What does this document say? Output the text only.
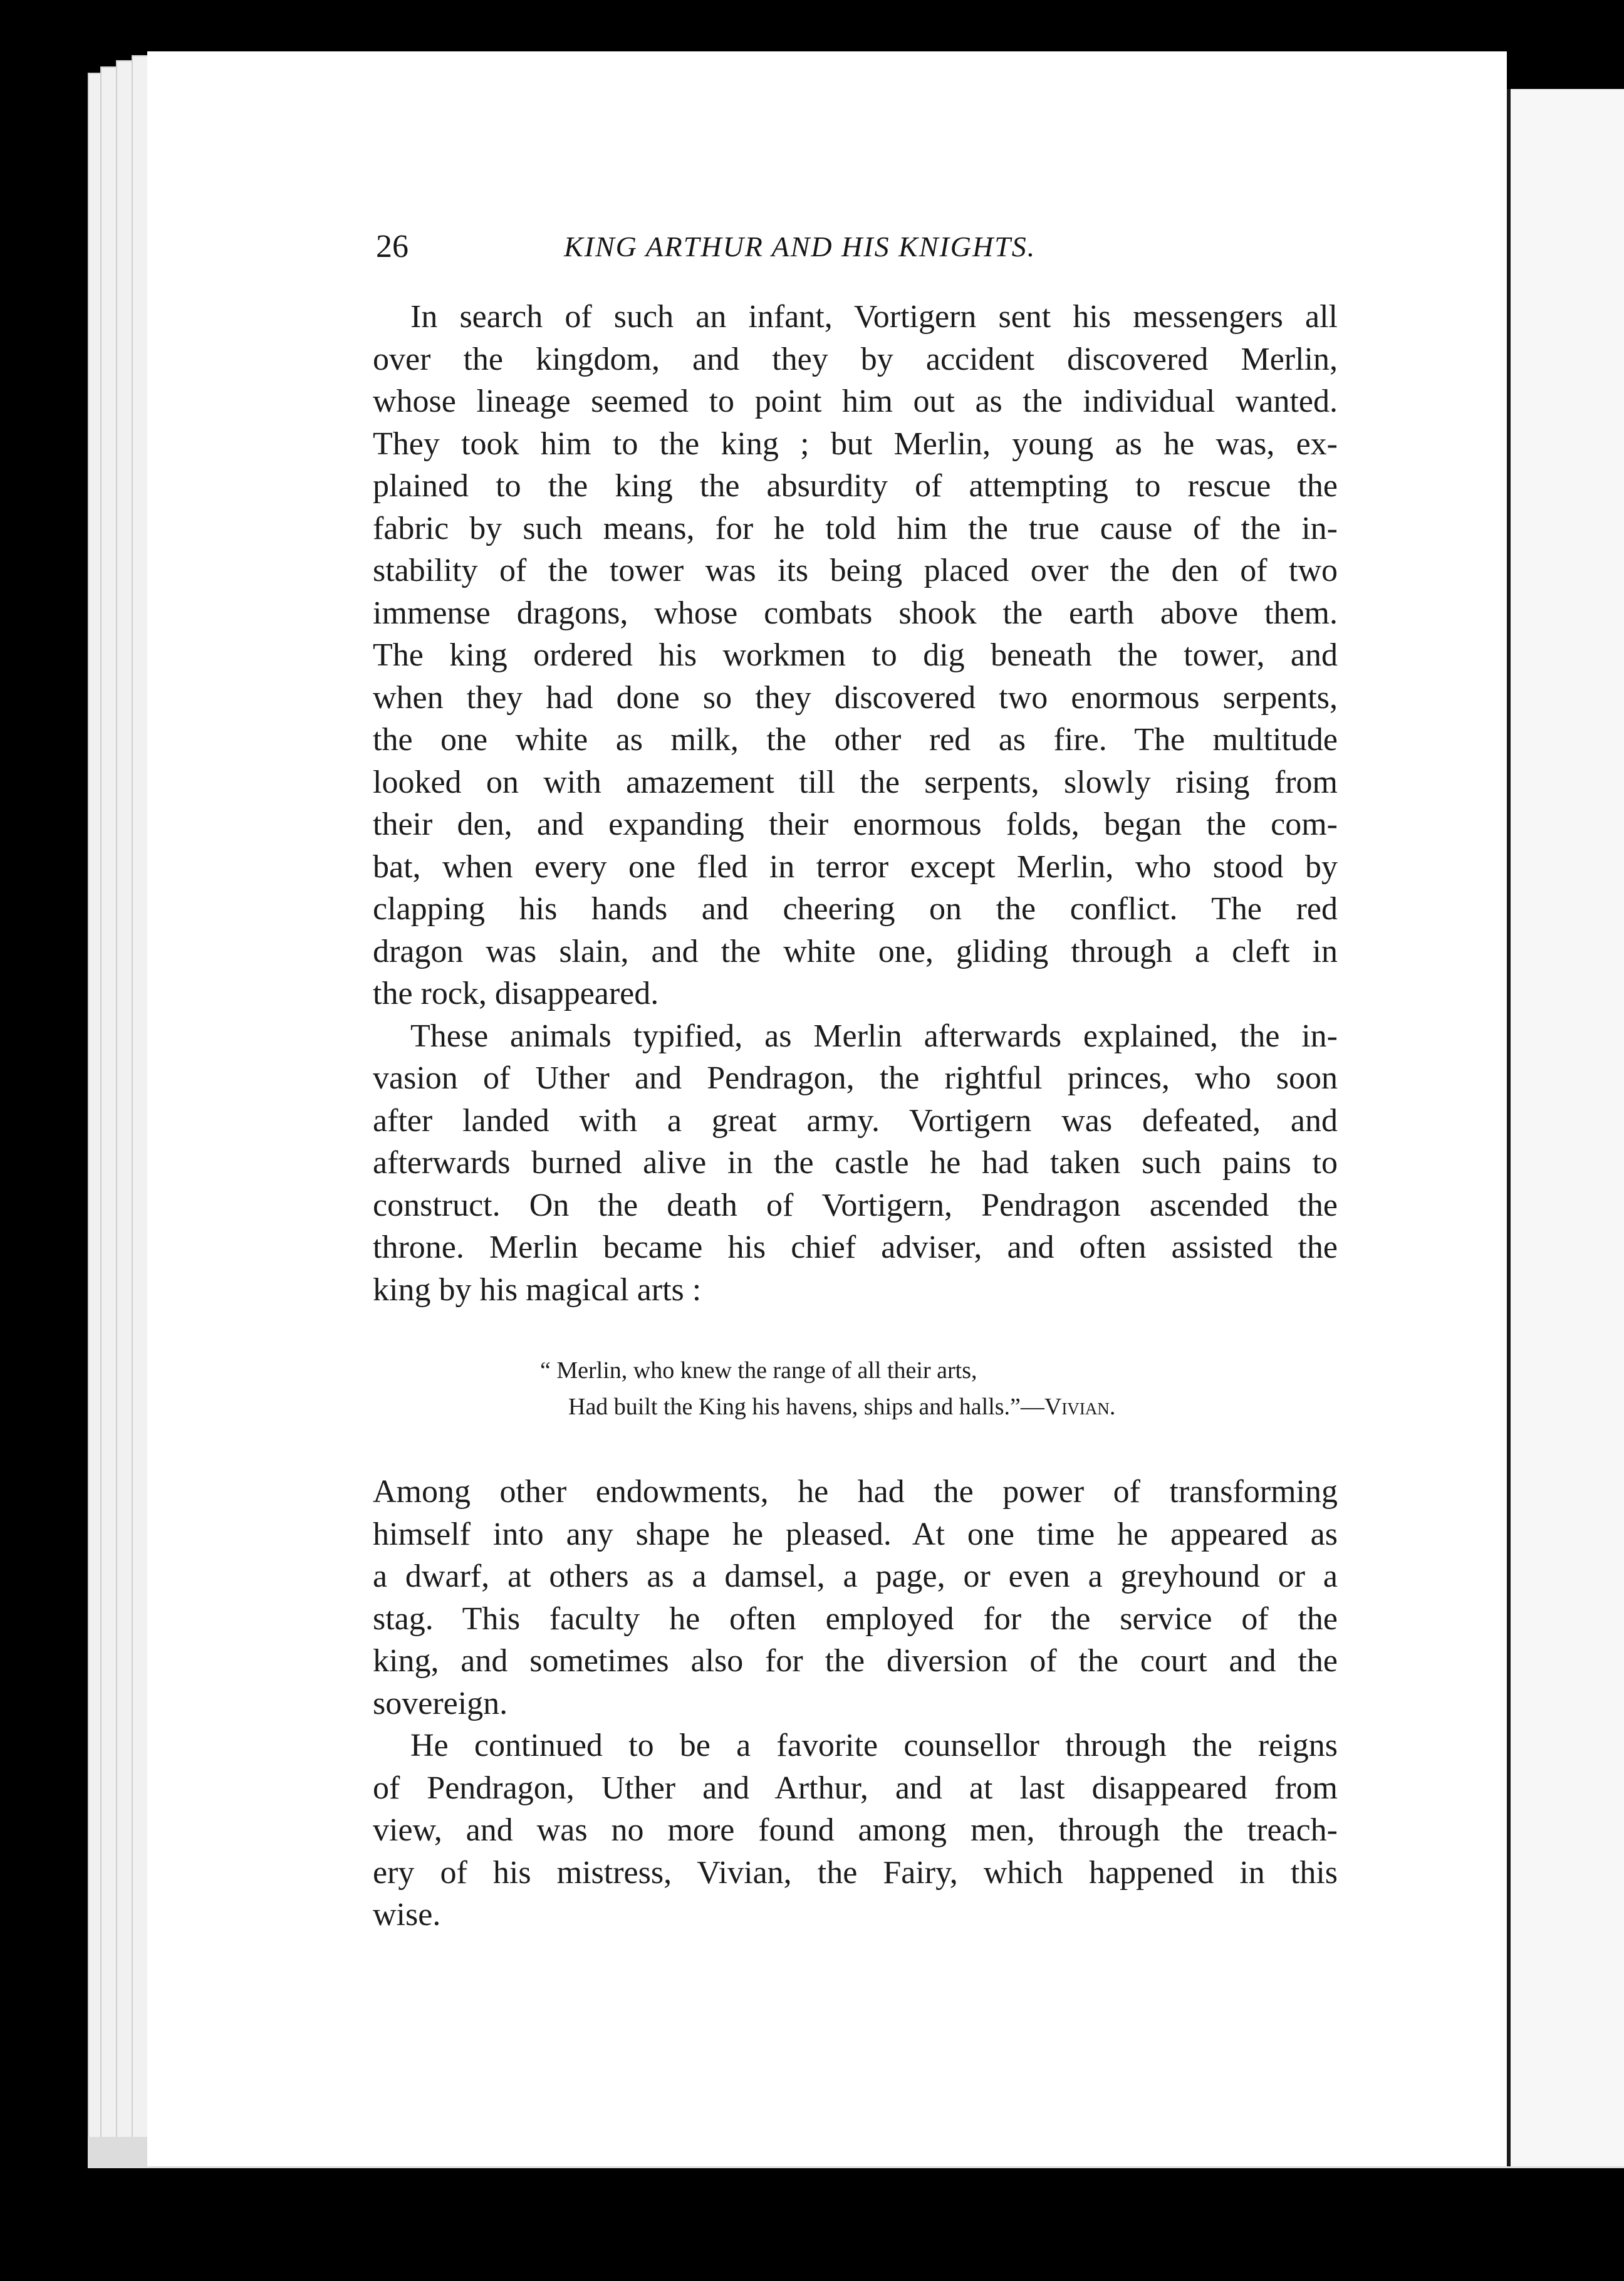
26	KING ARTHUR AND HIS KNIGHTS.
In search of such an infant, Vortigern sent his messengers all
over the kingdom, and they by accident discovered Merlin,
whose lineage seemed to point him out as the individual wanted.
They took him to the king ; but Merlin, young as he was, ex-
plained to the king the absurdity of attempting to rescue the
fabric by such means, for he told him the true cause of the in-
stability of the tower was its being placed over the den of two
immense dragons, whose combats shook the earth above them.
The king ordered his workmen to dig beneath the tower, and
when they had done so they discovered two enormous serpents,
the one white as milk, the other red as fire. The multitude
looked on with amazement till the serpents, slowly rising from
their den, and expanding their enormous folds, began the com-
bat, when every one fled in terror except Merlin, who stood by
clapping his hands and cheering on the conflict. The red
dragon was slain, and the white one, gliding through a cleft in
the rock, disappeared.
These animals typified, as Merlin afterwards explained, the in-
vasion of Uther and Pendragon, the rightful princes, who soon
after landed with a great army. Vortigern was defeated, and
afterwards burned alive in the castle he had taken such pains to
construct. On the death of Vortigern, Pendragon ascended the
throne. Merlin became his chief adviser, and often assisted the
king by his magical arts :
“ Merlin, who knew the range of all their arts,
Had built the King his havens, ships and halls.”—Vivian.
Among other endowments, he had the power of transforming
himself into any shape he pleased. At one time he appeared as
a dwarf, at others as a damsel, a page, or even a greyhound or a
stag. This faculty he often employed for the service of the
king, and sometimes also for the diversion of the court and the
sovereign.
He continued to be a favorite counsellor through the reigns
of Pendragon, Uther and Arthur, and at last disappeared from
view, and was no more found among men, through the treach-
ery of his mistress, Vivian, the Fairy, which happened in this
wise.
